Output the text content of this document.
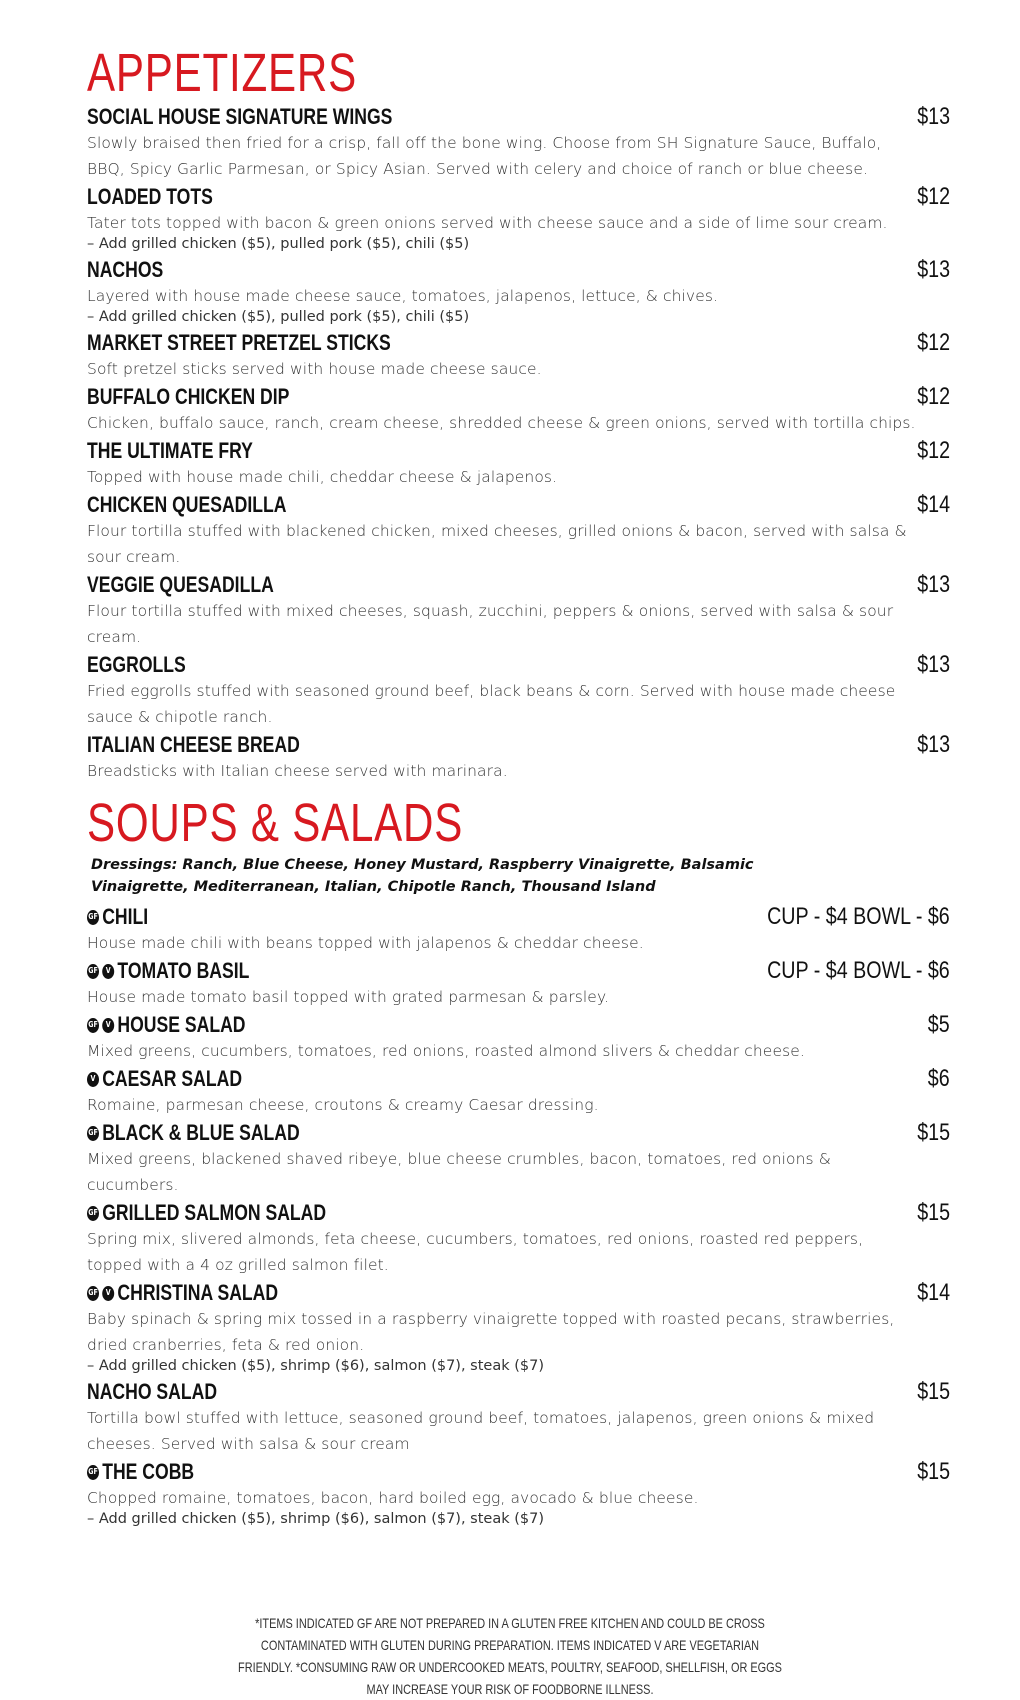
APPETIZERS
SOCIAL HOUSE SIGNATURE WINGS	$13
Slowly braised then fried for a crisp, fall off the bone wing. Choose from SH Signature Sauce, Buffalo, BBQ, Spicy Garlic Parmesan, or Spicy Asian. Served with celery and choice of ranch or blue cheese.
LOADED TOTS	$12
Tater tots topped with bacon & green onions served with cheese sauce and a side of lime sour cream.
– Add grilled chicken ($5), pulled pork ($5), chili ($5)
NACHOS	$13
Layered with house made cheese sauce, tomatoes, jalapenos, lettuce, & chives.
– Add grilled chicken ($5), pulled pork ($5), chili ($5)
MARKET STREET PRETZEL STICKS	$12
Soft pretzel sticks served with house made cheese sauce.
BUFFALO CHICKEN DIP	$12
Chicken, buffalo sauce, ranch, cream cheese, shredded cheese & green onions, served with tortilla chips.
THE ULTIMATE FRY	$12
Topped with house made chili, cheddar cheese & jalapenos.
CHICKEN QUESADILLA	$14
Flour tortilla stuffed with blackened chicken, mixed cheeses, grilled onions & bacon, served with salsa & sour cream.
VEGGIE QUESADILLA	$13
Flour tortilla stuffed with mixed cheeses, squash, zucchini, peppers & onions, served with salsa & sour cream.
EGGROLLS	$13
Fried eggrolls stuffed with seasoned ground beef, black beans & corn. Served with house made cheese sauce & chipotle ranch.
ITALIAN CHEESE BREAD	$13
Breadsticks with Italian cheese served with marinara.
SOUPS & SALADS
Dressings: Ranch, Blue Cheese, Honey Mustard, Raspberry Vinaigrette, Balsamic Vinaigrette, Mediterranean, Italian, Chipotle Ranch, Thousand Island
GF CHILI	CUP - $4 BOWL - $6
House made chili with beans topped with jalapenos & cheddar cheese.
GF V TOMATO BASIL	CUP - $4 BOWL - $6
House made tomato basil topped with grated parmesan & parsley.
GF V HOUSE SALAD	$5
Mixed greens, cucumbers, tomatoes, red onions, roasted almond slivers & cheddar cheese.
V CAESAR SALAD	$6
Romaine, parmesan cheese, croutons & creamy Caesar dressing.
GF BLACK & BLUE SALAD	$15
Mixed greens, blackened shaved ribeye, blue cheese crumbles, bacon, tomatoes, red onions & cucumbers.
GF GRILLED SALMON SALAD	$15
Spring mix, slivered almonds, feta cheese, cucumbers, tomatoes, red onions, roasted red peppers, topped with a 4 oz grilled salmon filet.
GF V CHRISTINA SALAD	$14
Baby spinach & spring mix tossed in a raspberry vinaigrette topped with roasted pecans, strawberries, dried cranberries, feta & red onion.
– Add grilled chicken ($5), shrimp ($6), salmon ($7), steak ($7)
NACHO SALAD	$15
Tortilla bowl stuffed with lettuce, seasoned ground beef, tomatoes, jalapenos, green onions & mixed cheeses. Served with salsa & sour cream
GF THE COBB	$15
Chopped romaine, tomatoes, bacon, hard boiled egg, avocado & blue cheese.
– Add grilled chicken ($5), shrimp ($6), salmon ($7), steak ($7)
*ITEMS INDICATED GF ARE NOT PREPARED IN A GLUTEN FREE KITCHEN AND COULD BE CROSS CONTAMINATED WITH GLUTEN DURING PREPARATION. ITEMS INDICATED V ARE VEGETARIAN FRIENDLY. *CONSUMING RAW OR UNDERCOOKED MEATS, POULTRY, SEAFOOD, SHELLFISH, OR EGGS MAY INCREASE YOUR RISK OF FOODBORNE ILLNESS.
